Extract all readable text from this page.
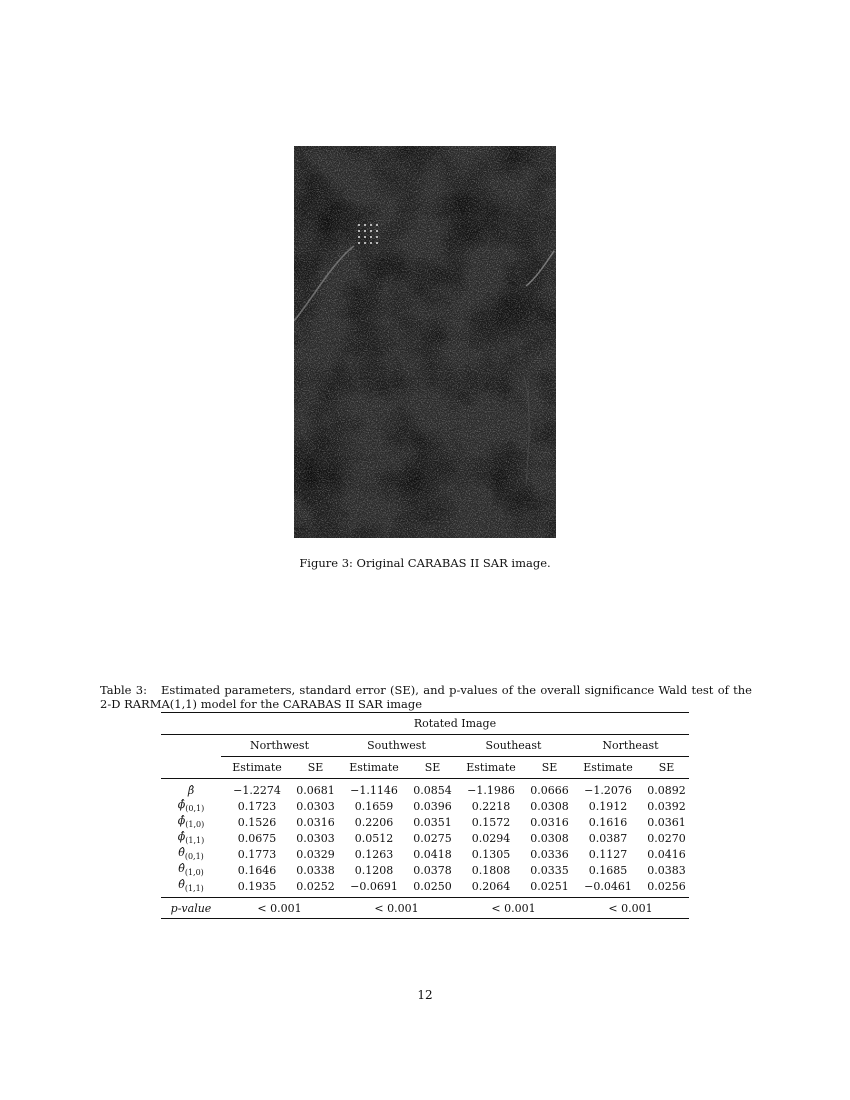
Figure 3: Original CARABAS II SAR image.
Table 3: Estimated parameters, standard error (SE), and p-values of the overall significance Wald test of the 2-D RARMA(1,1) model for the CARABAS II SAR image
	Rotated Image							
	Northwest		Southwest		Southeast		Northeast	
	Estimate	SE	Estimate	SE	Estimate	SE	Estimate	SE
β̂	−1.2274	0.0681	−1.1146	0.0854	−1.1986	0.0666	−1.2076	0.0892
$\phî_{(0,1)}$	0.1723	0.0303	0.1659	0.0396	0.2218	0.0308	0.1912	0.0392
$\phî_{(1,0)}$	0.1526	0.0316	0.2206	0.0351	0.1572	0.0316	0.1616	0.0361
$\phî_{(1,1)}$	0.0675	0.0303	0.0512	0.0275	0.0294	0.0308	0.0387	0.0270
$\thetâ_{(0,1)}$	0.1773	0.0329	0.1263	0.0418	0.1305	0.0336	0.1127	0.0416
$\thetâ_{(1,0)}$	0.1646	0.0338	0.1208	0.0378	0.1808	0.0335	0.1685	0.0383
$\thetâ_{(1,1)}$	0.1935	0.0252	−0.0691	0.0250	0.2064	0.0251	−0.0461	0.0256
p-value	< 0.001		< 0.001		< 0.001		< 0.001	
12
